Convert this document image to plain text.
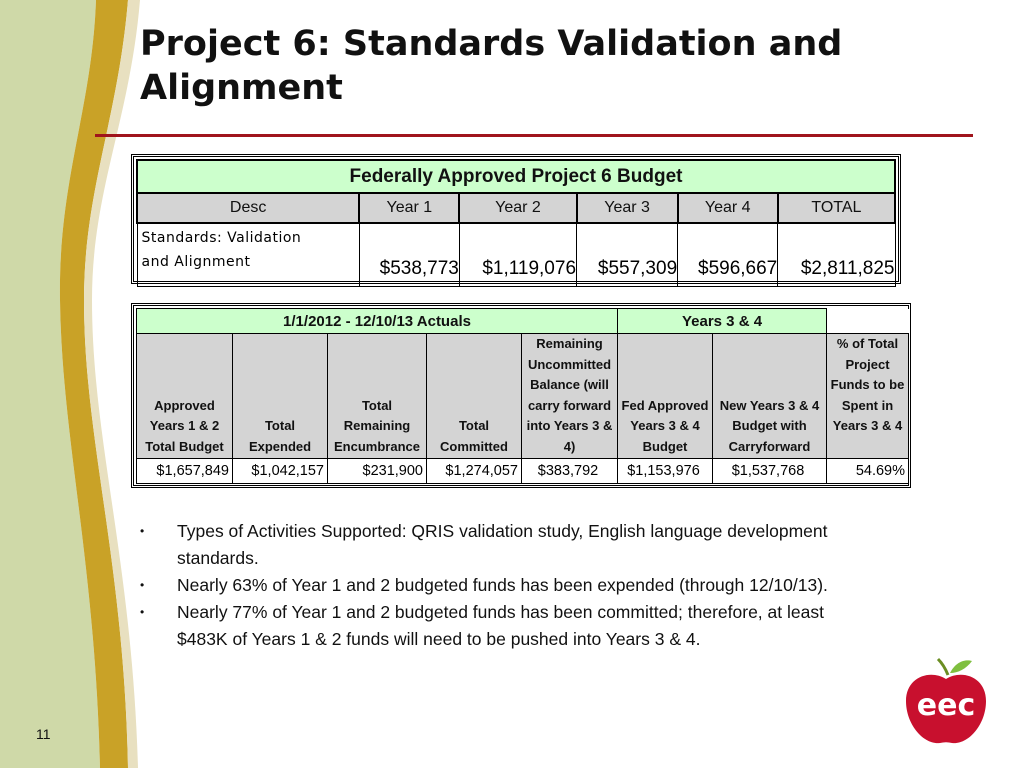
Project 6: Standards Validation and Alignment
Federally Approved Project 6 Budget					
Desc	Year 1	Year 2	Year 3	Year 4	TOTAL

Standards: Validation
and Alignment	$538,773	$1,119,076	$557,309	$596,667	$2,811,825
1/1/2012 - 12/10/13 Actuals					Years 3 & 4		
Approved Years 1 & 2 Total Budget	Total Expended	Total Remaining Encumbrance	Total Committed	Remaining Uncommitted Balance (will carry forward into Years 3 & 4)	Fed Approved Years 3 & 4 Budget	New Years 3 & 4 Budget with Carryforward	% of Total Project Funds to be Spent in Years 3 & 4
$1,657,849	$1,042,157	$231,900	$1,274,057	$383,792	$1,153,976	$1,537,768	54.69%
• Types of Activities Supported: QRIS validation study, English language development standards.
• Nearly 63% of Year 1 and 2 budgeted funds has been expended (through 12/10/13).
• Nearly 77% of Year 1 and 2 budgeted funds has been committed; therefore, at least $483K of Years 1 & 2 funds will need to be pushed into Years 3 & 4.
11
eec
